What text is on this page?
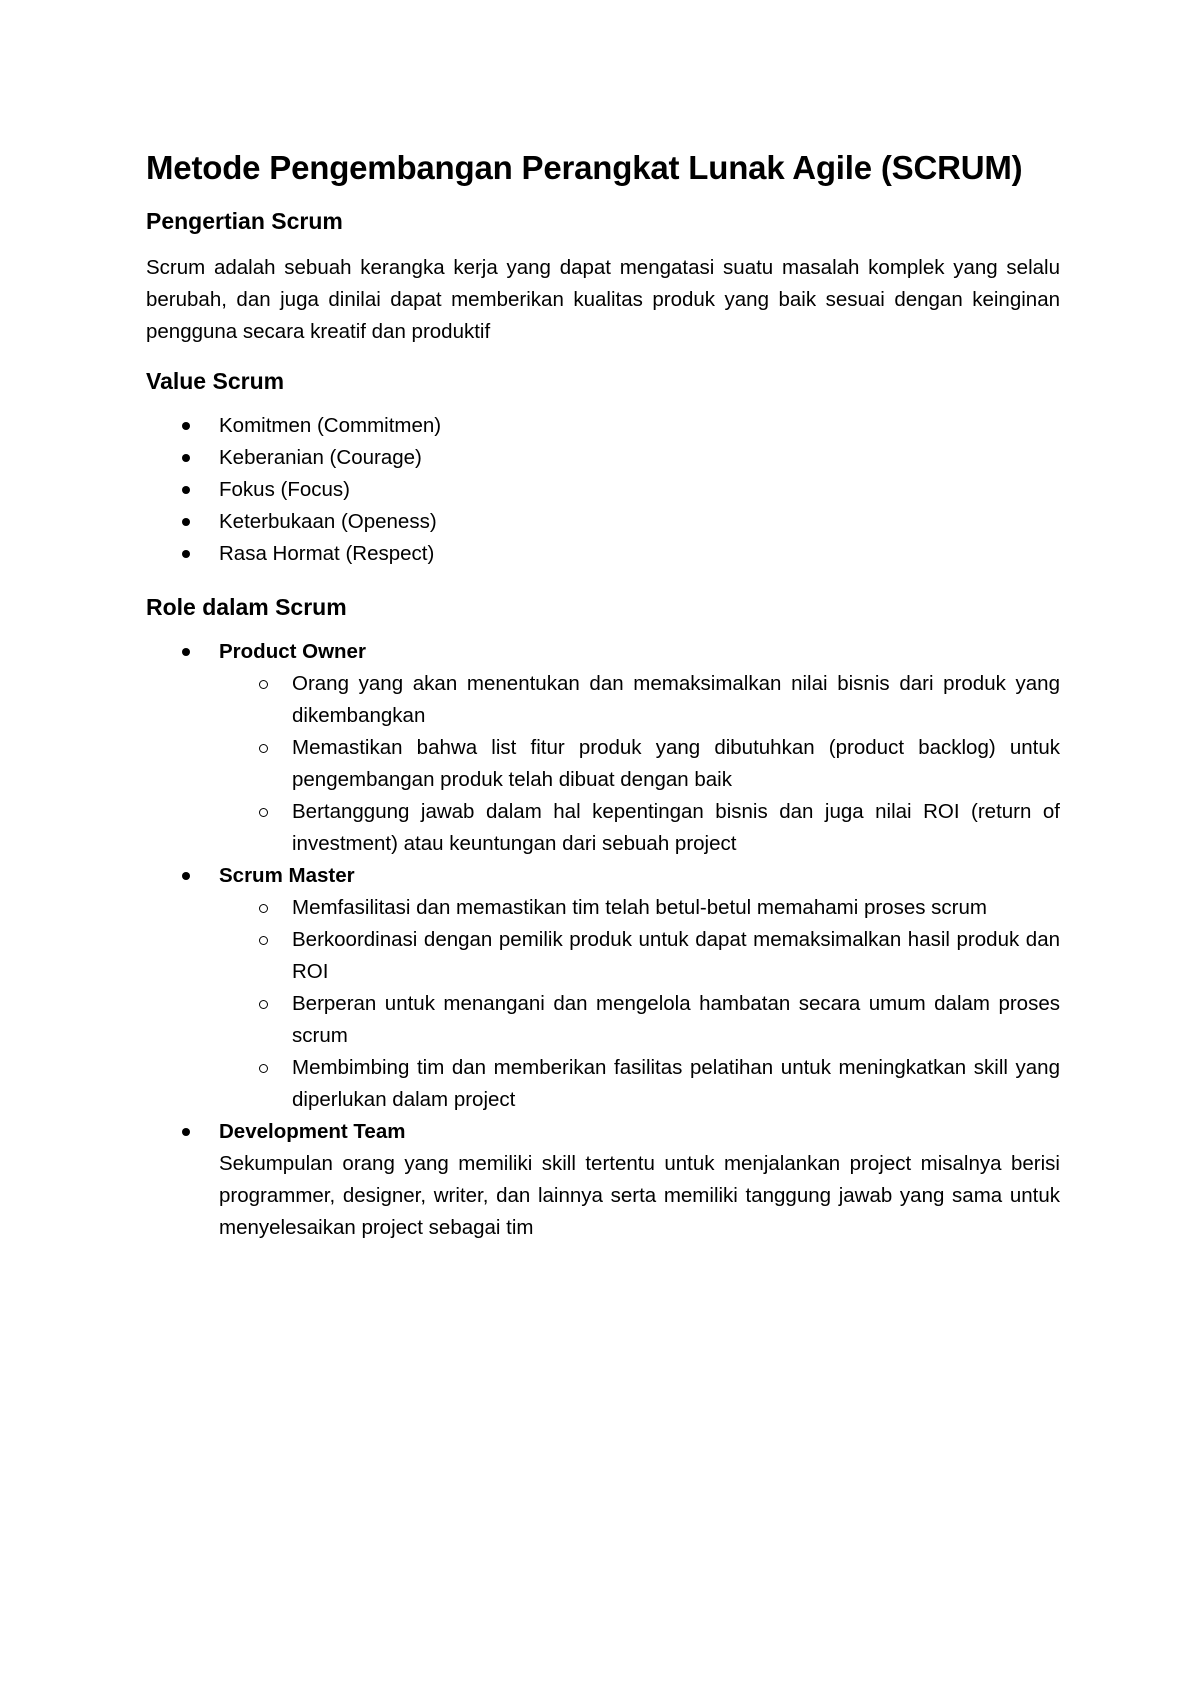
Metode Pengembangan Perangkat Lunak Agile (SCRUM)
Pengertian Scrum

Scrum adalah sebuah kerangka kerja yang dapat mengatasi suatu masalah komplek yang selalu berubah, dan juga dinilai dapat memberikan kualitas produk yang baik sesuai dengan keinginan pengguna secara kreatif dan produktif

Value Scrum
Komitmen (Commitmen)
Keberanian (Courage)
Fokus (Focus)
Keterbukaan (Openess)
Rasa Hormat (Respect)
Role dalam Scrum
Product Owner
Orang yang akan menentukan dan memaksimalkan nilai bisnis dari produk yang dikembangkan
Memastikan bahwa list fitur produk yang dibutuhkan (product backlog) untuk pengembangan produk telah dibuat dengan baik
Bertanggung jawab dalam hal kepentingan bisnis dan juga nilai ROI (return of investment) atau keuntungan dari sebuah project
Scrum Master
Memfasilitasi dan memastikan tim telah betul-betul memahami proses scrum
Berkoordinasi dengan pemilik produk untuk dapat memaksimalkan hasil produk dan ROI
Berperan untuk menangani dan mengelola hambatan secara umum dalam proses scrum
Membimbing tim dan memberikan fasilitas pelatihan untuk meningkatkan skill yang diperlukan dalam project
Development Team
Sekumpulan orang yang memiliki skill tertentu untuk menjalankan project misalnya berisi programmer, designer, writer, dan lainnya serta memiliki tanggung jawab yang sama untuk menyelesaikan project sebagai tim
